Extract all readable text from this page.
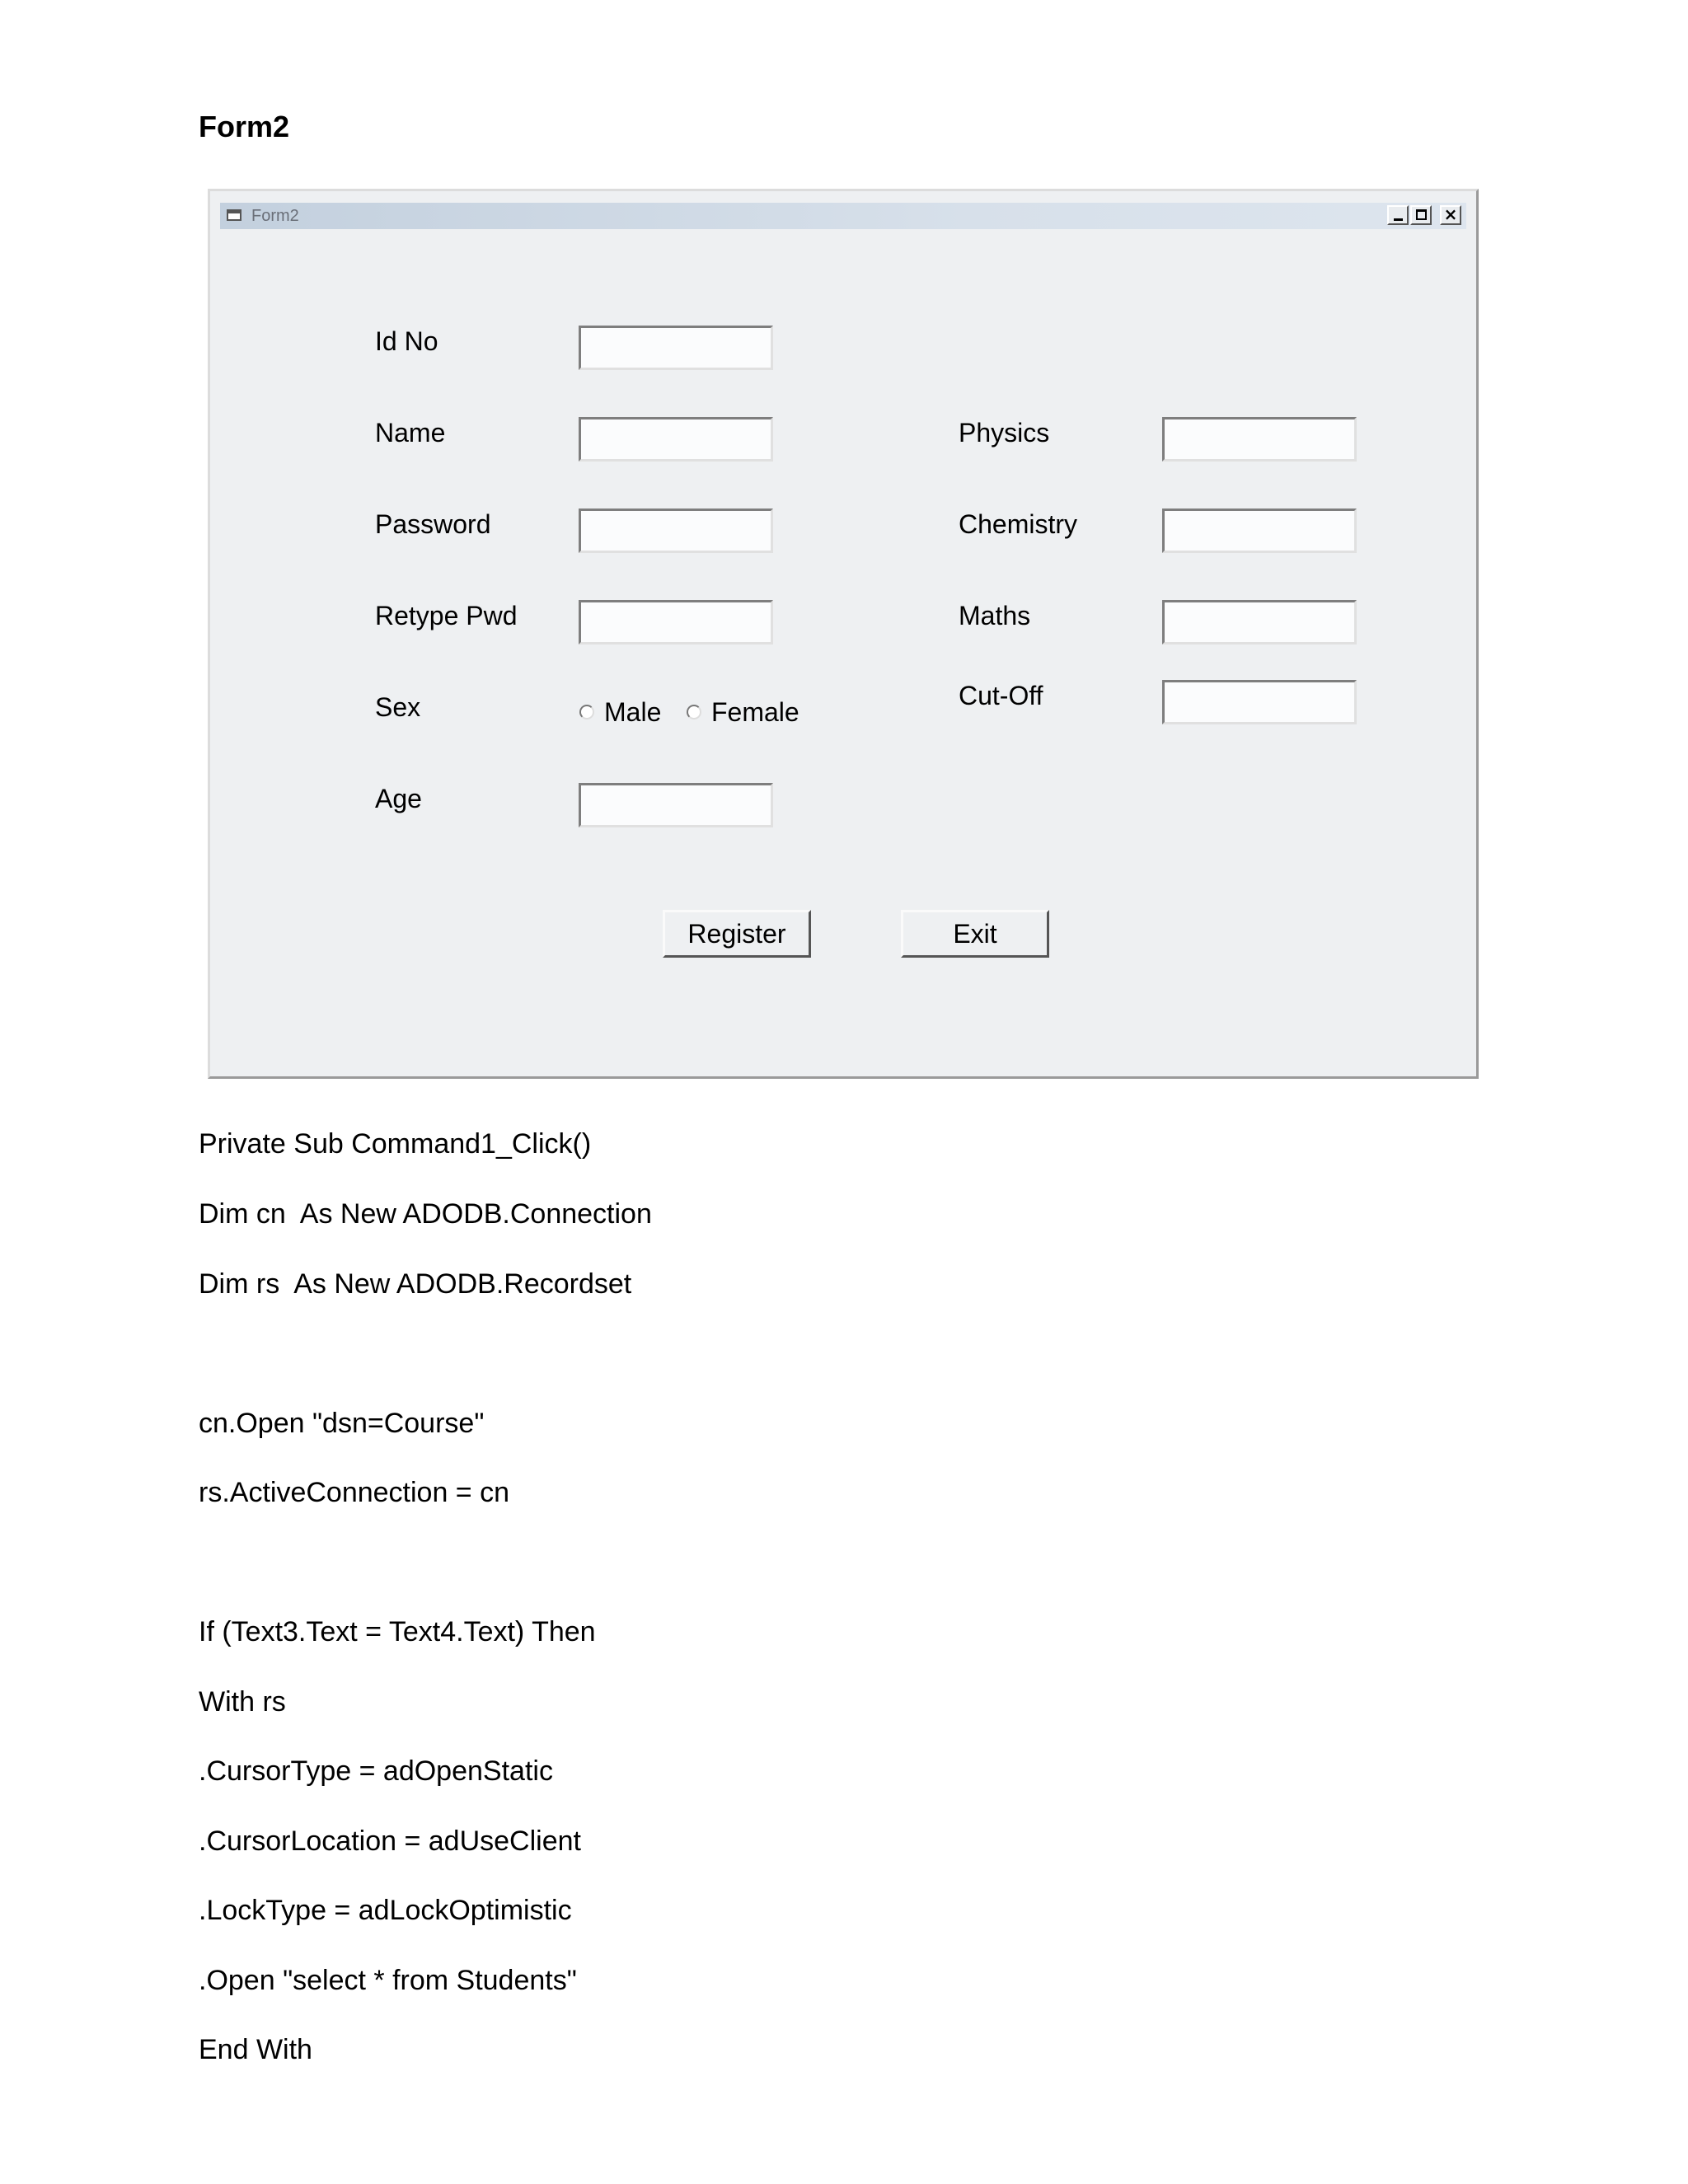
Form2
Form2	×
Id No
Name
Password
Retype Pwd
Sex
Age
Male Female
Physics
Chemistry
Maths
Cut-Off
Register	Exit
Private Sub Command1_Click()
Dim cn  As New ADODB.Connection
Dim rs  As New ADODB.Recordset
cn.Open "dsn=Course"
rs.ActiveConnection = cn
If (Text3.Text = Text4.Text) Then
With rs
.CursorType = adOpenStatic
.CursorLocation = adUseClient
.LockType = adLockOptimistic
.Open "select * from Students"
End With
